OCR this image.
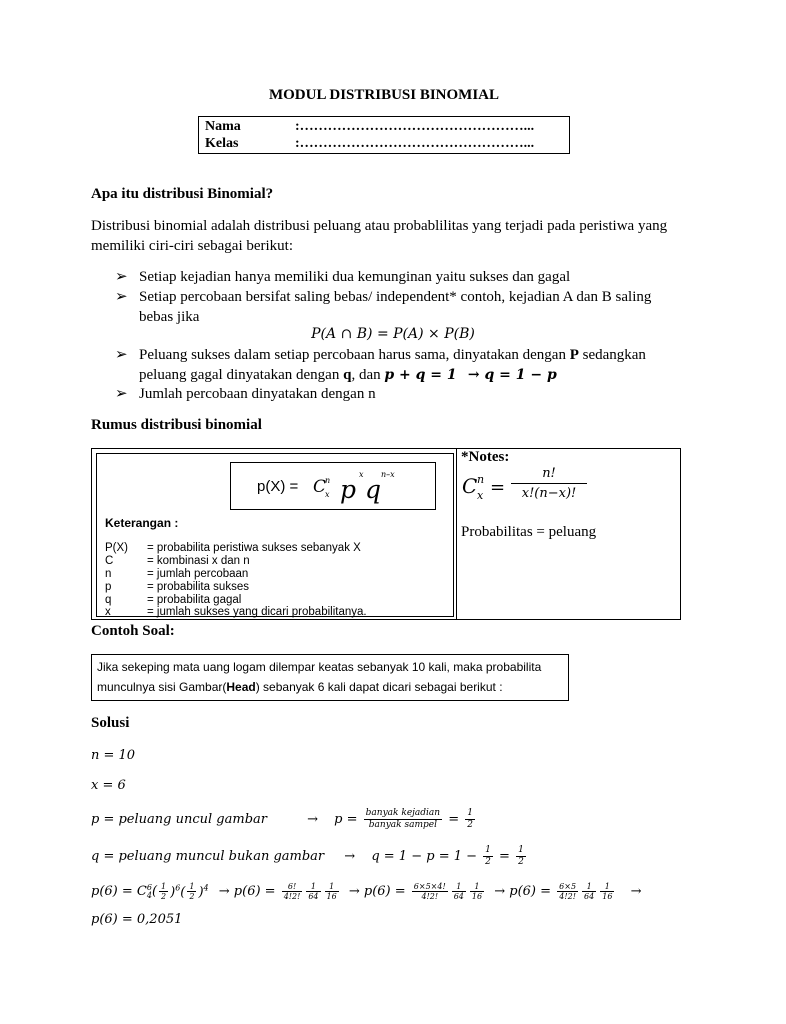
MODUL DISTRIBUSI BINOMIAL
Nama	:…………………………………………...
Kelas	:…………………………………………...
Apa itu distribusi Binomial?
Distribusi binomial adalah distribusi peluang atau probablilitas yang terjadi pada peristiwa yang memiliki ciri-ciri sebagai berikut:
➢ Setiap kejadian hanya memiliki dua kemunginan yaitu sukses dan gagal
➢ Setiap percobaan bersifat saling bebas/ independent* contoh, kejadian A dan B saling bebas jika
P(A ∩ B) = P(A) × P(B)
➢ Peluang sukses dalam setiap percobaan harus sama, dinyatakan dengan P sedangkan peluang gagal dinyatakan dengan q, dan p + q = 1 → q = 1 − p
➢ Jumlah percobaan dinyatakan dengan n
Rumus distribusi binomial
p(X) = C
n
x p
x
q
n–x
Keterangan :
P(X) = probabilita peristiwa sukses sebanyak X
C	= kombinasi x dan n
n	= jumlah percobaan
p	= probabilita sukses
q	= probabilita gagal
x	= jumlah sukses yang dicari probabilitanya.
*Notes:
C n
$x = \frac{n!}{x!(n-x)!}$
Probabilitas = peluang
Contoh Soal:
Jika sekeping mata uang logam dilempar keatas sebanyak 10 kali, maka probabilita munculnya sisi Gambar(Head) sebanyak 6 kali dapat dicari sebagai berikut :
Solusi
n = 10
x = 6
p = peluang uncul gambar	→ $p = \frac{\text{banyak kejadian}}{\text{banyak sampel}} = \frac{1}{2}$
q = peluang muncul bukan gambar → $q = 1 - p = 1 - \frac{1}{2} = \frac{1}{2}$
p(6) = C 6
4 ( $\frac{1}{2} )^6( \frac{1}{2} )^4 \to p(6) = \frac{6!}{4!2!} \frac{1}{64} \frac{1}{16} \to p(6) = \frac{6\times 5\times 4!}{4!2!} \frac{1}{64} \frac{1}{16} \to p(6) = \frac{6\times 5}{4!2!} \frac{1}{64} \frac{1}{16}$ →
p(6) = 0,2051
